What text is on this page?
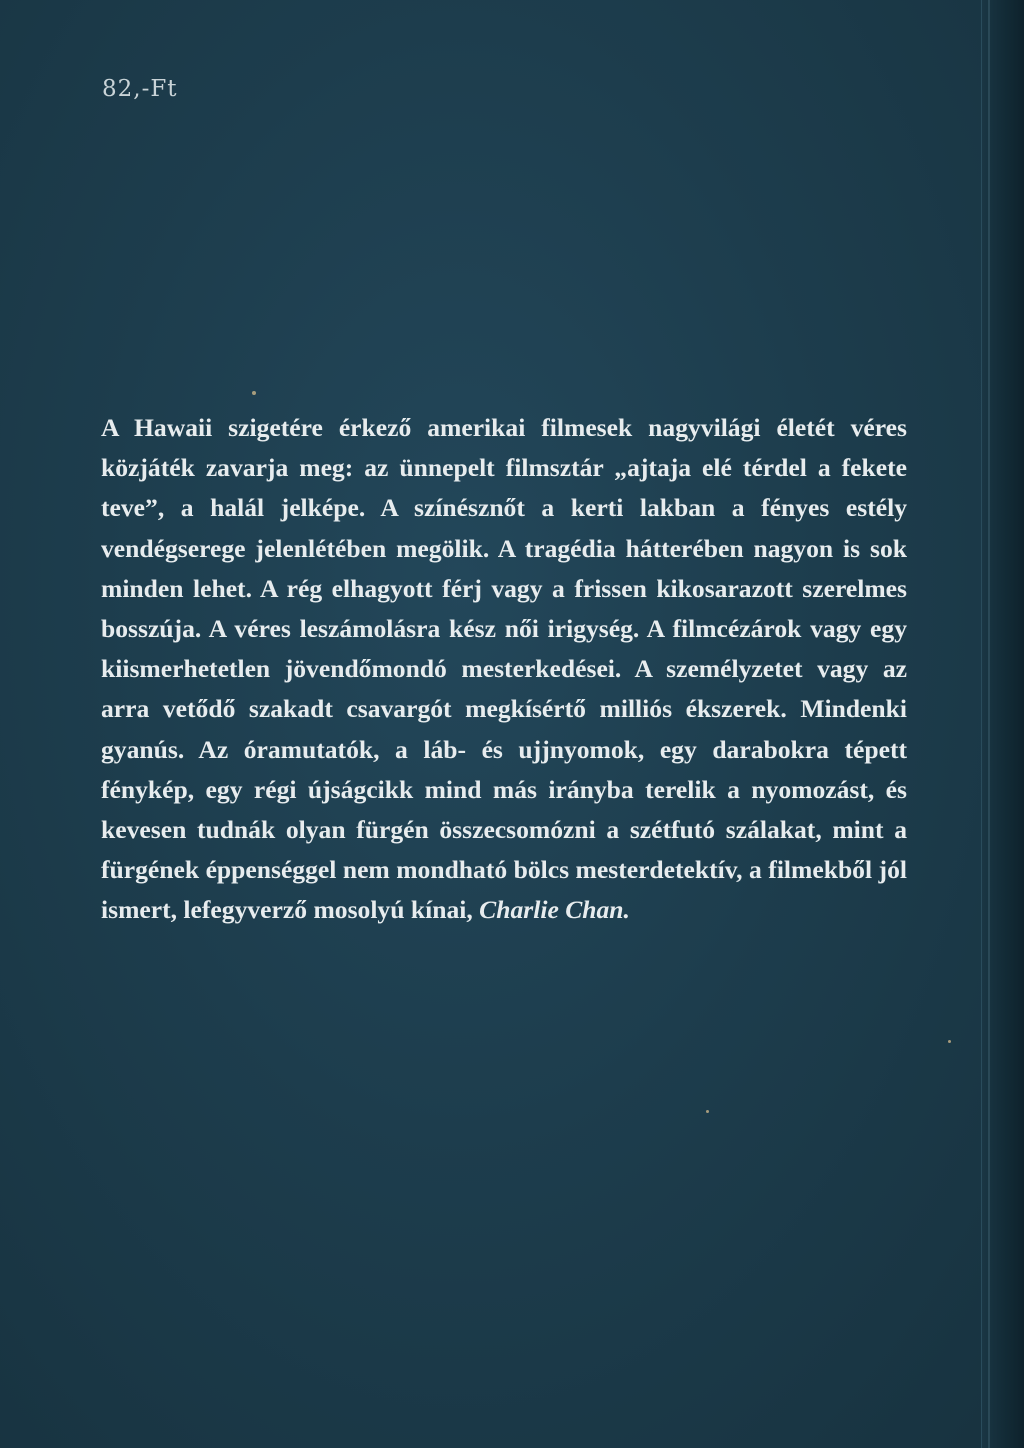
82,-Ft

A Hawaii szigetére érkező amerikai filmesek nagyvilági életét véres közjáték zavarja meg: az ünnepelt filmsztár „ajtaja elé térdel a fekete teve”, a halál jelképe. A színésznőt a kerti lakban a fényes estély vendégserege jelenlétében megölik. A tragédia hátterében nagyon is sok minden lehet. A rég elhagyott férj vagy a frissen kikosarazott szerelmes bosszúja. A véres leszámolásra kész női irigység. A filmcézárok vagy egy kiismerhetetlen jövendőmondó mesterkedései. A személyzetet vagy az arra vetődő szakadt csavargót megkísértő milliós ékszerek. Mindenki gyanús. Az óramutatók, a láb- és ujjnyomok, egy darabokra tépett fénykép, egy régi újságcikk mind más irányba terelik a nyomozást, és kevesen tudnák olyan fürgén összecsomózni a szétfutó szálakat, mint a fürgének éppenséggel nem mondható bölcs mesterdetektív, a filmekből jól ismert, lefegyverző mosolyú kínai, Charlie Chan.
